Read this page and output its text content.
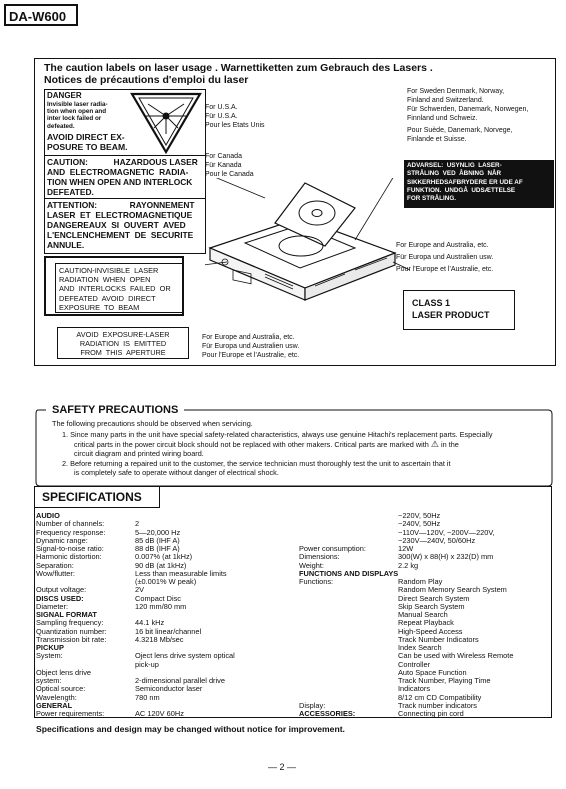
DA-W600
The caution labels on laser usage . Warnettiketten zum Gebrauch des Lasers .
Notices de précautions d'emploi du laser
DANGER
Invisible laser radia-
tion when open and
inter lock failed or
defeated.
AVOID DIRECT EX-
POSURE TO BEAM.
CAUTION:           HAZARDOUS LASER
AND  ELECTROMAGNETIC  RADIA-
TION WHEN OPEN AND INTERLOCK
DEFEATED.
ATTENTION:              RAYONNEMENT
LASER  ET  ELECTROMAGNETIQUE
DANGEREAUX  SI  OUVERT  AVED
L'ENCLENCHEMENT  DE  SECURITE
ANNULE.
For U.S.A.
Für U.S.A.
Pour les Etats Unis
For Canada
Für Kanada
Pour le Canada
CAUTION-INVISIBLE  LASER
RADIATION  WHEN  OPEN
AND  INTERLOCKS  FAILED  OR
DEFEATED  AVOID  DIRECT
EXPOSURE  TO  BEAM
AVOID  EXPOSURE-LASER
RADIATION  IS  EMITTED
FROM  THIS  APERTURE
For Europe and Australia, etc.
Für Europa und Australien usw.
Pour l'Europe et l'Australie, etc.
For Sweden Denmark, Norway,
Finland and Switzerland.
Für Schwerden, Danemark, Norwegen,
Finnland und Schweiz.
Pour Suède, Danemark, Norvege,
Finlande et Suisse.
ADVARSEL:  USYNLIG  LASER-
STRÅLING  VED  ÅBNING  NÅR
SIKKERHEDSAFBRYDERE ER UDE AF
FUNKTION.  UNDGÅ  UDSÆTTELSE
FOR STRÅLING.
For Europe and Australia, etc.
Für Europa und Australien usw.
Pour l'Europe et l'Australie, etc.
CLASS 1
LASER PRODUCT
SAFETY PRECAUTIONS
The following precautions should be observed when servicing.
1. Since many parts in the unit have special safety-related characteristics, always use genuine Hitachi's replacement parts. Especially
critical parts in the power circuit block should not be replaced with other makers. Critical parts are marked with ⚠ in the
circuit diagram and printed wiring board.
2. Before returning a repaired unit to the customer, the service technician must thoroughly test the unit to ascertain that it
is completely safe to operate without danger of electrical shock.
SPECIFICATIONS
AUDIO
Number of channels:	2
Frequency response:	5—20,000 Hz
Dynamic range:	85 dB (IHF A)
Signal-to-noise ratio:	88 dB (IHF A)
Harmonic distortion:	0.007% (at 1kHz)
Separation:	90 dB (at 1kHz)
Wow/flutter:	Less than measurable limits
(±0.001% W peak)
Output voltage:	2V
DISCS USED:	Compact Disc
Diameter:	120 mm/80 mm
SIGNAL FORMAT
Sampling frequency:	44.1 kHz
Quantization number:	16 bit linear/channel
Transmission bit rate:	4.3218 Mb/sec
PICKUP
System:	Oject lens drive system optical
pick-up
Object lens drive
system:	2-dimensional parallel drive
Optical source:	Semiconductor laser
Wavelength:	780 nm
GENERAL
Power requirements:	AC 120V 60Hz
~220V, 50Hz
~240V, 50Hz
~110V—120V, ~200V—220V,
~230V—240V, 50/60Hz
Power consumption:	12W
Dimensions:	300(W) x 88(H) x 232(D) mm
Weight:	2.2 kg
FUNCTIONS AND DISPLAYS
Functions:	Random Play
Random Memory Search System
Direct Search System
Skip Search System
Manual Search
Repeat Playback
High-Speed Access
Track Number Indicators
Index Search
Can be used with Wireless Remote
Controller
Auto Space Function
Track Number, Playing Time
Indicators
8/12 cm CD Compatibility
Display:	Track number indicators
ACCESSORIES:	Connecting pin cord
Specifications and design may be changed without notice for improvement.
— 2 —
